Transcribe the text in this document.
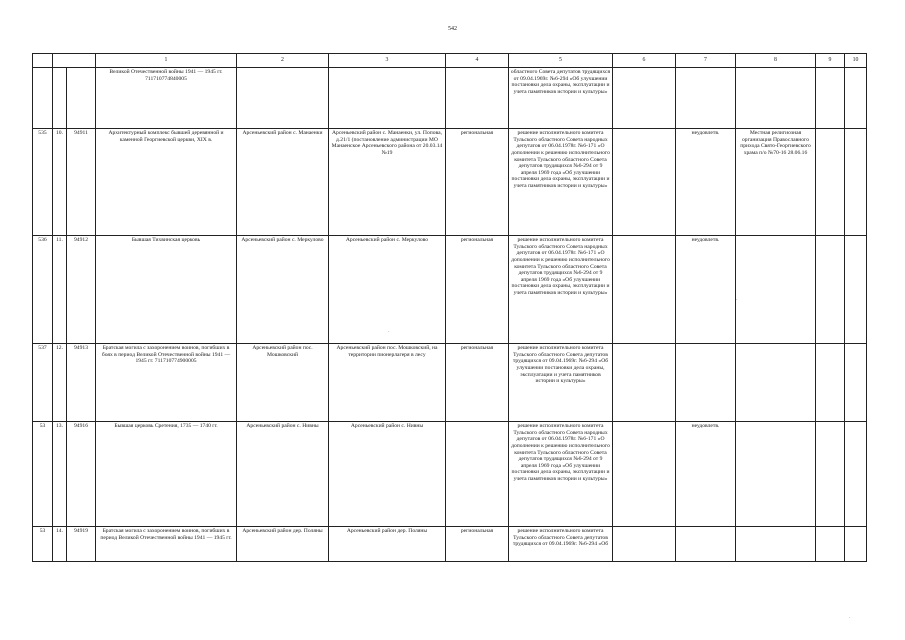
542
			1	2	3	4	5	6	7	8	9	10	
			Великой Отечественной войны 1941 — 1945 гг. 711710774840005				областного Совета депутатов трудящихся от 09.04.1969г. №6-294 «Об улучшении постановки дела охраны, эксплуатации и учета памятников истории и культуры»						
535	10.	94911	Архитектурный комплекс бывшей деревянной и каменной Георгиевской церкви, XIX в.	Арсеньевский район с. Манаенки	Арсеньевский район с. Манаенки, ул. Попова, д.21/1 (постановление администрации МО Манаенское Арсеньевского района от 20.03.14 №19	региональная	решение исполнительного комитета Тульского областного Совета народных депутатов от 06.04.1978г. №6-171 «О дополнении к решению исполнительного комитета Тульского областного Совета депутатов трудящихся №6-294 от 9 апреля 1969 года «Об улучшении постановки дела охраны, эксплуатации и учета памятников истории и культуры»		неудовлетв.	Местная религиозная организация Православного прихода Свято-Георгиевского храма п/о №70-16 28.06.16			
536	11.	94912	Бывшая Тихвинская церковь	Арсеньевский район с. Меркулово	Арсеньевский район с. Меркулово	региональная	решение исполнительного комитета Тульского областного Совета народных депутатов от 06.04.1978г. №6-171 «О дополнении к решению исполнительного комитета Тульского областного Совета депутатов трудящихся №6-294 от 9 апреля 1969 года «Об улучшении постановки дела охраны, эксплуатации и учета памятников истории и культуры»		неудовлетв.				
537	12.	94913	Братская могила с захоронением воинов, погибших в боях в период Великой Отечественной войны 1941 — 1945 гг. 711710774900005	Арсеньевский район пос. Мошковский	Арсеньевский район пос. Мошковский, на территории пионерлагеря в лесу	региональная	решение исполнительного комитета Тульского областного Совета депутатов трудящихся от 09.04.1969г. №6-294 «Об улучшении постановки дела охраны, эксплуатации и учета памятников истории и культуры»						
53	13.	94916	Бывшая церковь Сретения, 1735 — 1740 гг.	Арсеньевский район с. Нивны	Арсеньевский район с. Нивны		решение исполнительного комитета Тульского областного Совета народных депутатов от 06.04.1978г. №6-171 «О дополнении к решению исполнительного комитета Тульского областного Совета депутатов трудящихся №6-294 от 9 апреля 1969 года «Об улучшении постановки дела охраны, эксплуатации и учета памятников истории и культуры»		неудовлетв.				
53	14.	94919	Братская могила с захоронением воинов, погибших в период Великой Отечественной войны 1941 — 1945 гг.	Арсеньевский район дер. Поляны	Арсеньевский район дер. Поляны	региональная	решение исполнительного комитета Тульского областного Совета депутатов трудящихся от 09.04.1969г. №6-294 «Об						
·
·
·
